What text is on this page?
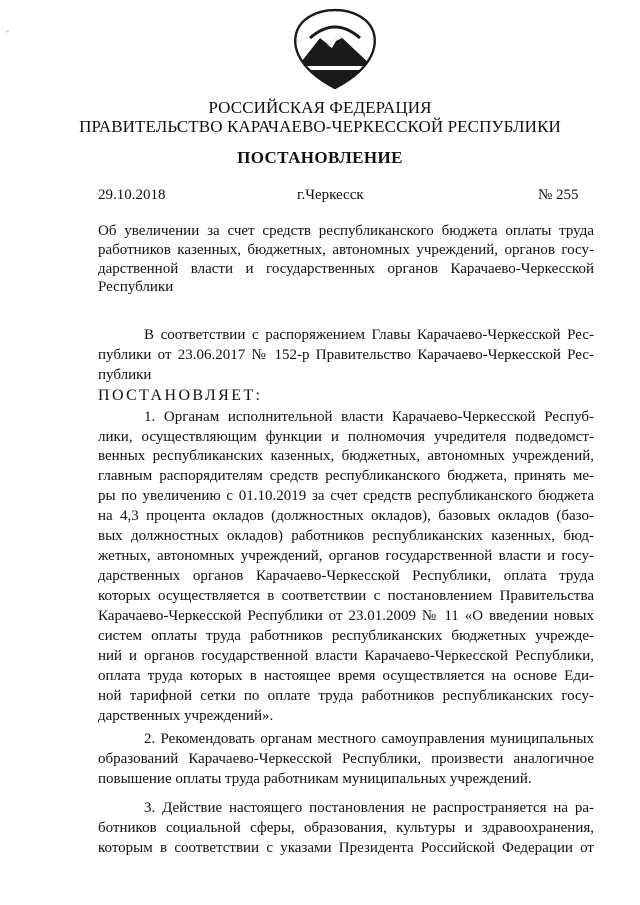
-
РОССИЙСКАЯ ФЕДЕРАЦИЯ
ПРАВИТЕЛЬСТВО КАРАЧАЕВО-ЧЕРКЕССКОЙ РЕСПУБЛИКИ
ПОСТАНОВЛЕНИЕ
29.10.2018	г.Черкесск	№ 255
Об увеличении за счет средств республиканского бюджета оплаты труда
работников казенных, бюджетных, автономных учреждений, органов госу-
дарственной власти и государственных органов Карачаево-Черкесской
Республики
В соответствии с распоряжением Главы Карачаево-Черкесской Рес-
публики от 23.06.2017 № 152-р Правительство Карачаево-Черкесской Рес-
публики
ПОСТАНОВЛЯЕТ:
1. Органам исполнительной власти Карачаево-Черкесской Респуб-
лики, осуществляющим функции и полномочия учредителя подведомст-
венных республиканских казенных, бюджетных, автономных учреждений,
главным распорядителям средств республиканского бюджета, принять ме-
ры по увеличению с 01.10.2019 за счет средств республиканского бюджета
на 4,3 процента окладов (должностных окладов), базовых окладов (базо-
вых должностных окладов) работников республиканских казенных, бюд-
жетных, автономных учреждений, органов государственной власти и госу-
дарственных органов Карачаево-Черкесской Республики, оплата труда
которых осуществляется в соответствии с постановлением Правительства
Карачаево-Черкесской Республики от 23.01.2009 № 11 «О введении новых
систем оплаты труда работников республиканских бюджетных учрежде-
ний и органов государственной власти Карачаево-Черкесской Республики,
оплата труда которых в настоящее время осуществляется на основе Еди-
ной тарифной сетки по оплате труда работников республиканских госу-
дарственных учреждений».
2. Рекомендовать органам местного самоуправления муниципальных
образований Карачаево-Черкесской Республики, произвести аналогичное
повышение оплаты труда работникам муниципальных учреждений.
3. Действие настоящего постановления не распространяется на ра-
ботников социальной сферы, образования, культуры и здравоохранения,
которым в соответствии с указами Президента Российской Федерации от
